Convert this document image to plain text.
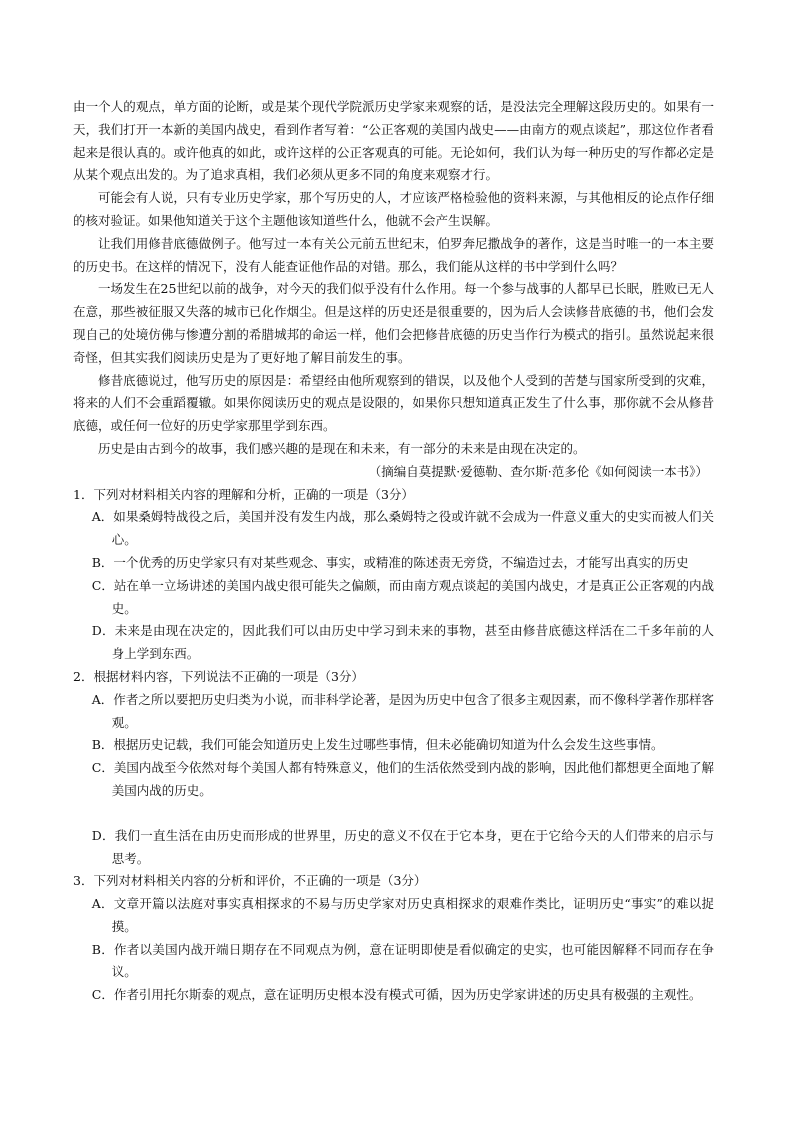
由一个人的观点，单方面的论断，或是某个现代学院派历史学家来观察的话，是没法完全理解这段历史的。如果有一天，我们打开一本新的美国内战史，看到作者写着：“公正客观的美国内战史——由南方的观点谈起”，那这位作者看起来是很认真的。或许他真的如此，或许这样的公正客观真的可能。无论如何，我们认为每一种历史的写作都必定是从某个观点出发的。为了追求真相，我们必须从更多不同的角度来观察才行。

可能会有人说，只有专业历史学家，那个写历史的人，才应该严格检验他的资料来源，与其他相反的论点作仔细的核对验证。如果他知道关于这个主题他该知道些什么，他就不会产生误解。

让我们用修昔底德做例子。他写过一本有关公元前五世纪末，伯罗奔尼撒战争的著作，这是当时唯一的一本主要的历史书。在这样的情况下，没有人能查证他作品的对错。那么，我们能从这样的书中学到什么吗？

一场发生在25世纪以前的战争，对今天的我们似乎没有什么作用。每一个参与战事的人都早已长眠，胜败已无人在意，那些被征服又失落的城市已化作烟尘。但是这样的历史还是很重要的，因为后人会读修昔底德的书，他们会发现自己的处境仿佛与惨遭分割的希腊城邦的命运一样，他们会把修昔底德的历史当作行为模式的指引。虽然说起来很奇怪，但其实我们阅读历史是为了更好地了解目前发生的事。

修昔底德说过，他写历史的原因是：希望经由他所观察到的错误，以及他个人受到的苦楚与国家所受到的灾难，将来的人们不会重蹈覆辙。如果你阅读历史的观点是设限的，如果你只想知道真正发生了什么事，那你就不会从修昔底德，或任何一位好的历史学家那里学到东西。

历史是由古到今的故事，我们感兴趣的是现在和未来，有一部分的未来是由现在决定的。

（摘编自莫提默·爱德勒、查尔斯·范多伦《如何阅读一本书》）

1．下列对材料相关内容的理解和分析，正确的一项是（3分）

A．如果桑姆特战役之后，美国并没有发生内战，那么桑姆特之役或许就不会成为一件意义重大的史实而被人们关心。

B．一个优秀的历史学家只有对某些观念、事实，或精准的陈述责无旁贷，不编造过去，才能写出真实的历史

C．站在单一立场讲述的美国内战史很可能失之偏颇，而由南方观点谈起的美国内战史，才是真正公正客观的内战史。

D．未来是由现在决定的，因此我们可以由历史中学习到未来的事物，甚至由修昔底德这样活在二千多年前的人身上学到东西。

2．根据材料内容，下列说法不正确的一项是（3分）

A．作者之所以要把历史归类为小说，而非科学论著，是因为历史中包含了很多主观因素，而不像科学著作那样客观。

B．根据历史记载，我们可能会知道历史上发生过哪些事情，但未必能确切知道为什么会发生这些事情。

C．美国内战至今依然对每个美国人都有特殊意义，他们的生活依然受到内战的影响，因此他们都想更全面地了解美国内战的历史。

D．我们一直生活在由历史而形成的世界里，历史的意义不仅在于它本身，更在于它给今天的人们带来的启示与思考。

3．下列对材料相关内容的分析和评价，不正确的一项是（3分）

A．文章开篇以法庭对事实真相探求的不易与历史学家对历史真相探求的艰难作类比，证明历史“事实”的难以捉摸。

B．作者以美国内战开端日期存在不同观点为例，意在证明即使是看似确定的史实，也可能因解释不同而存在争议。

C．作者引用托尔斯泰的观点，意在证明历史根本没有模式可循，因为历史学家讲述的历史具有极强的主观性。
